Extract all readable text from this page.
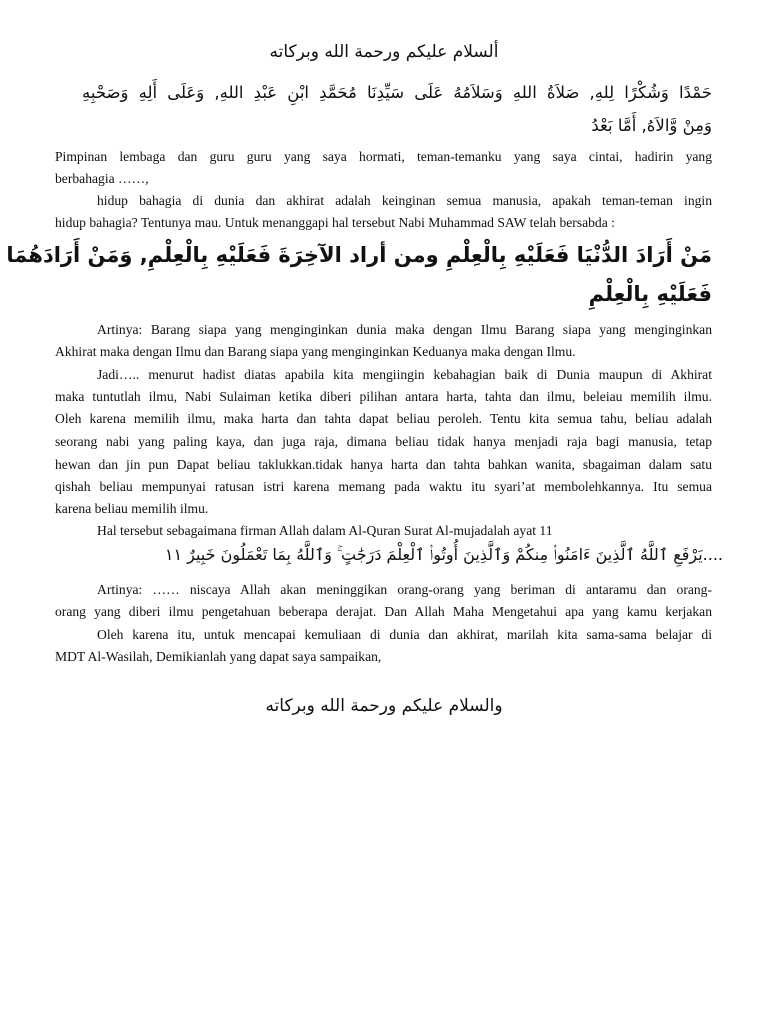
ألسلام عليكم ورحمة الله وبركاته
حَمْدًا وَشُكْرًا لِلهِ, صَلاَةُ اللهِ وَسَلاَمُهُ عَلَى سَيِّدِنَا مُحَمَّدِ ابْنِ عَبْدِ اللهِ, وَعَلَى أَلِهِ وَصَحْبِهِ
وَمِنْ وَّالاَهُ, أَمَّا بَعْدُ
Pimpinan lembaga dan guru guru yang saya hormati, teman-temanku yang saya cintai, hadirin yang
berbahagia ……,
hidup bahagia di dunia dan akhirat adalah keinginan semua manusia, apakah teman-teman ingin
hidup bahagia? Tentunya mau. Untuk menanggapi hal tersebut Nabi Muhammad SAW telah bersabda :
مَنْ أَرَادَ الدُّنْيَا فَعَلَيْهِ بِالْعِلْمِ ومن أراد الآخِرَةَ فَعَلَيْهِ بِالْعِلْمِ, وَمَنْ أَرَادَهُمَا
فَعَلَيْهِ بِالْعِلْمِ
Artinya: Barang siapa yang menginginkan dunia maka dengan Ilmu Barang siapa yang menginginkan
Akhirat maka dengan Ilmu dan Barang siapa yang menginginkan Keduanya maka dengan Ilmu.
Jadi….. menurut hadist diatas apabila kita mengiingin kebahagian baik di Dunia maupun di Akhirat
maka tuntutlah ilmu, Nabi Sulaiman ketika diberi pilihan antara harta, tahta dan ilmu, beleiau memilih ilmu.
Oleh karena memilih ilmu, maka harta dan tahta dapat beliau peroleh. Tentu kita semua tahu, beliau adalah
seorang nabi yang paling kaya, dan juga raja, dimana beliau tidak hanya menjadi raja bagi manusia, tetap
hewan dan jin pun Dapat beliau taklukkan.tidak hanya harta dan tahta bahkan wanita, sbagaiman dalam satu
qishah beliau mempunyai ratusan istri karena memang pada waktu itu syari’at membolehkannya. Itu semua
karena beliau memilih ilmu.
Hal tersebut sebagaimana firman Allah dalam Al-Quran Surat Al-mujadalah ayat 11
....يَرْفَعِ ٱللَّهُ ٱلَّذِينَ ءَامَنُوا۟ مِنكُمْ وَٱلَّذِينَ أُوتُوا۟ ٱلْعِلْمَ دَرَجَٰتٍ ۚ وَٱللَّهُ بِمَا تَعْمَلُونَ خَبِيرٌ ١١
Artinya: …… niscaya Allah akan meninggikan orang-orang yang beriman di antaramu dan orang-
orang yang diberi ilmu pengetahuan beberapa derajat. Dan Allah Maha Mengetahui apa yang kamu kerjakan
Oleh karena itu, untuk mencapai kemuliaan di dunia dan akhirat, marilah kita sama-sama belajar di
MDT Al-Wasilah, Demikianlah yang dapat saya sampaikan,
والسلام عليكم ورحمة الله وبركاته
